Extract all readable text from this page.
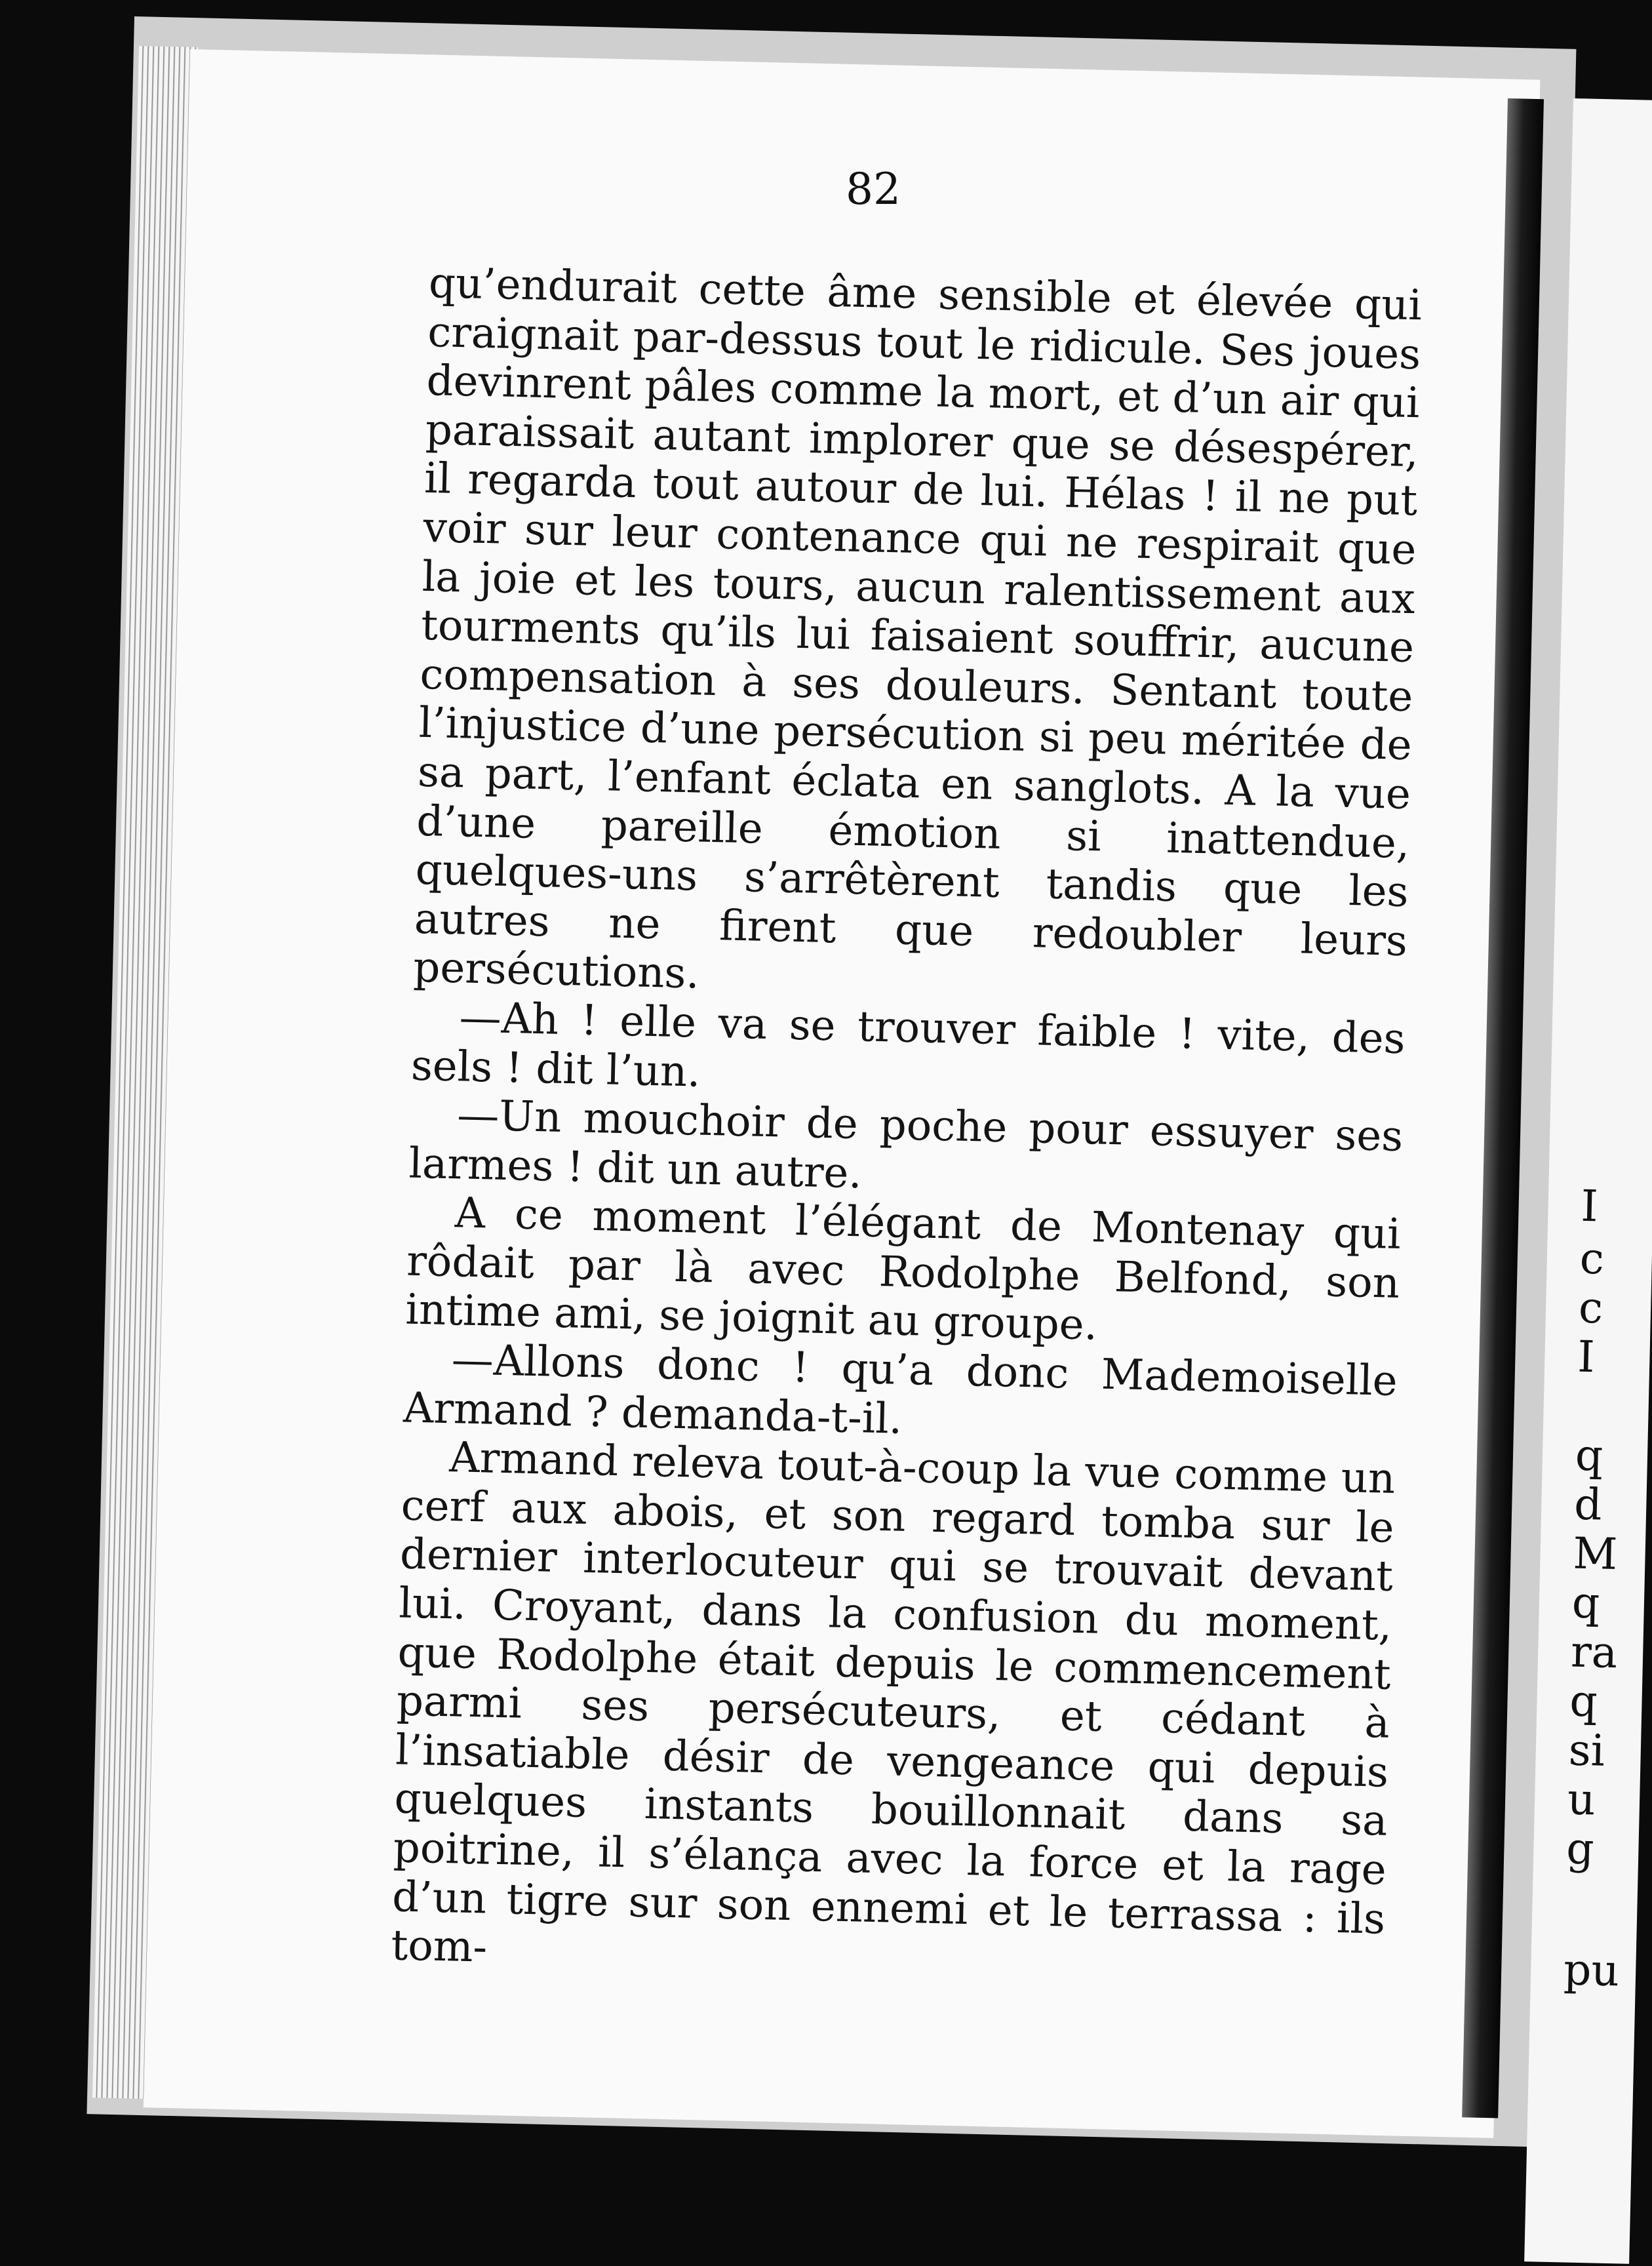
I
c
c
I
q
d
M
q
ra
q
si
u
g
pu
82

qu’endurait cette âme sensible et élevée qui craignait par-dessus tout le ridicule. Ses joues devinrent pâles comme la mort, et d’un air qui paraissait autant implorer que se désespérer, il regarda tout autour de lui. Hélas ! il ne put voir sur leur contenance qui ne respirait que la joie et les tours, aucun ralentissement aux tourments qu’ils lui faisaient souffrir, aucune compensation à ses douleurs. Sentant toute l’injustice d’une persécution si peu méritée de sa part, l’enfant éclata en sanglots. A la vue d’une pareille émotion si inattendue, quelques-uns s’arrêtèrent tandis que les autres ne firent que redoubler leurs persécutions.

—Ah ! elle va se trouver faible ! vite, des sels ! dit l’un.

—Un mouchoir de poche pour essuyer ses larmes ! dit un autre.

A ce moment l’élégant de Montenay qui rôdait par là avec Rodolphe Belfond, son intime ami, se joignit au groupe.

—Allons donc ! qu’a donc Mademoiselle Armand ? demanda-t-il.

Armand releva tout-à-coup la vue comme un cerf aux abois, et son regard tomba sur le dernier interlocuteur qui se trouvait devant lui. Croyant, dans la confusion du moment, que Rodolphe était depuis le commencement parmi ses persécuteurs, et cédant à l’insatiable désir de vengeance qui depuis quelques instants bouillonnait dans sa poitrine, il s’élança avec la force et la rage d’un tigre sur son ennemi et le terrassa : ils tom-
